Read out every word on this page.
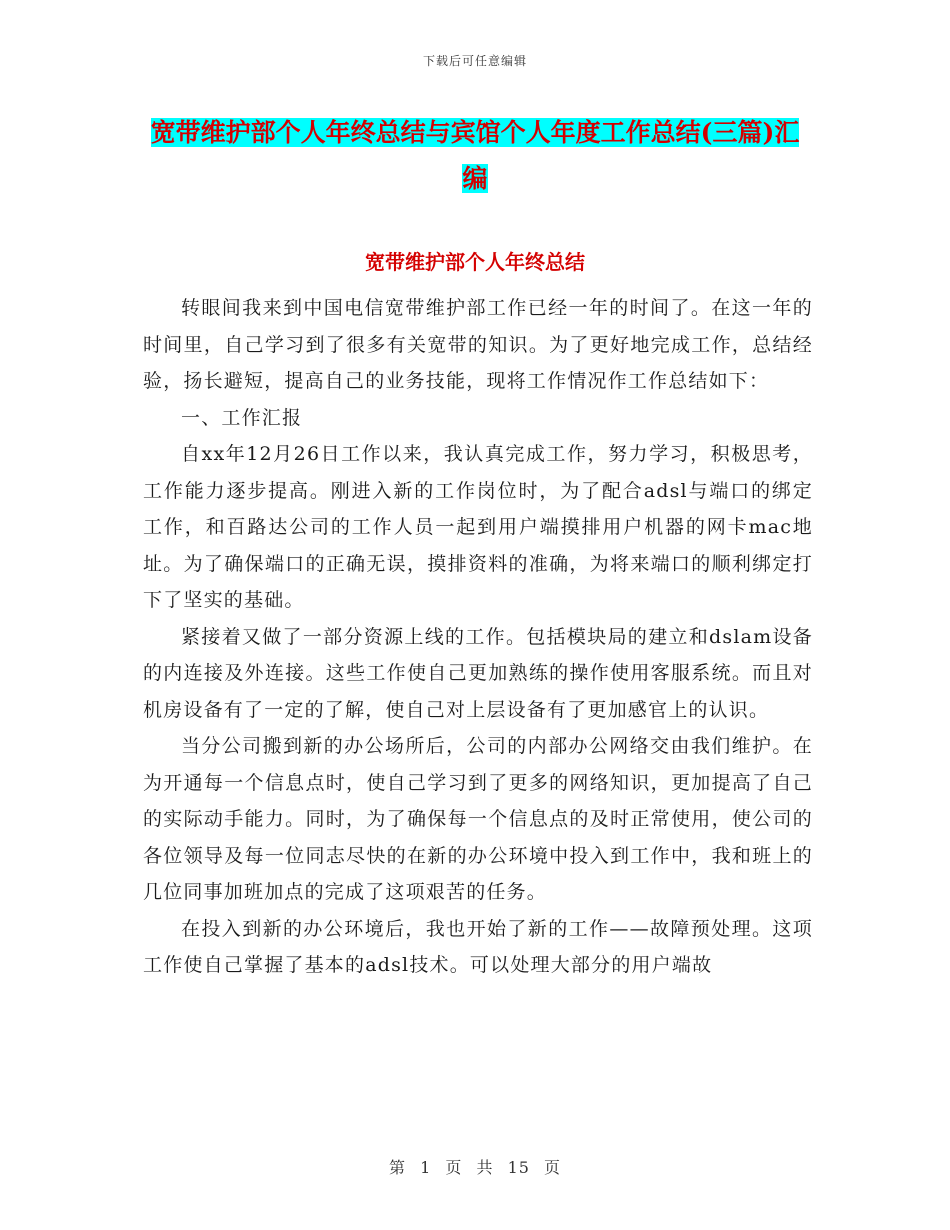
下载后可任意编辑
宽带维护部个人年终总结与宾馆个人年度工作总结(三篇)汇编
宽带维护部个人年终总结

转眼间我来到中国电信宽带维护部工作已经一年的时间了。在这一年的时间里，自己学习到了很多有关宽带的知识。为了更好地完成工作，总结经验，扬长避短，提高自己的业务技能，现将工作情况作工作总结如下：

一、工作汇报

自xx年12月26日工作以来，我认真完成工作，努力学习，积极思考，工作能力逐步提高。刚进入新的工作岗位时，为了配合adsl与端口的绑定工作，和百路达公司的工作人员一起到用户端摸排用户机器的网卡mac地址。为了确保端口的正确无误，摸排资料的准确，为将来端口的顺利绑定打下了坚实的基础。

紧接着又做了一部分资源上线的工作。包括模块局的建立和dslam设备的内连接及外连接。这些工作使自己更加熟练的操作使用客服系统。而且对机房设备有了一定的了解，使自己对上层设备有了更加感官上的认识。

当分公司搬到新的办公场所后，公司的内部办公网络交由我们维护。在为开通每一个信息点时，使自己学习到了更多的网络知识，更加提高了自己的实际动手能力。同时，为了确保每一个信息点的及时正常使用，使公司的各位领导及每一位同志尽快的在新的办公环境中投入到工作中，我和班上的几位同事加班加点的完成了这项艰苦的任务。

在投入到新的办公环境后，我也开始了新的工作——故障预处理。这项工作使自己掌握了基本的adsl技术。可以处理大部分的用户端故

第 1 页 共 15 页
